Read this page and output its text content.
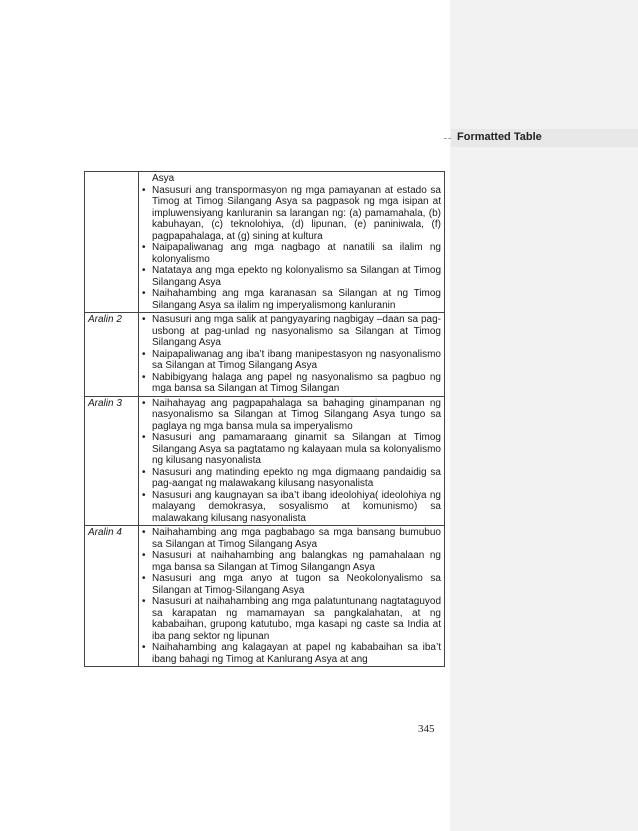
Formatted Table

	Asya
• Nasusuri ang transpormasyon ng mga pamayanan at estado sa Timog at Timog Silangang Asya sa pagpasok ng mga isipan at impluwensiyang kanluranin sa larangan ng: (a) pamamahala, (b) kabuhayan, (c) teknolohiya, (d) lipunan, (e) paniniwala, (f) pagpapahalaga, at (g) sining at kultura
• Naipapaliwanag ang mga nagbago at nanatili sa ilalim ng kolonyalismo
• Natataya ang mga epekto ng kolonyalismo sa Silangan at Timog Silangang Asya
• Naihahambing ang mga karanasan sa Silangan at ng Timog Silangang Asya sa ilalim ng imperyalismong kanluranin

Aralin 2	• Nasusuri ang mga salik at pangyayaring nagbigay –daan sa pag-usbong at pag-unlad ng nasyonalismo sa Silangan at Timog Silangang Asya
• Naipapaliwanag ang iba’t ibang manipestasyon ng nasyonalismo sa Silangan at Timog Silangang Asya
• Nabibigyang halaga ang papel ng nasyonalismo sa pagbuo ng mga bansa sa Silangan at Timog Silangan

Aralin 3	• Naihahayag ang pagpapahalaga sa bahaging ginampanan ng nasyonalismo sa Silangan at Timog Silangang Asya tungo sa paglaya ng mga bansa mula sa imperyalismo
• Nasusuri ang pamamaraang ginamit sa Silangan at Timog Silangang Asya sa pagtatamo ng kalayaan mula sa kolonyalismo ng kilusang nasyonalista
• Nasusuri ang matinding epekto ng mga digmaang pandaidig sa pag-aangat ng malawakang kilusang nasyonalista
• Nasusuri ang kaugnayan sa iba’t ibang ideolohiya( ideolohiya ng malayang demokrasya, sosyalismo at komunismo) sa malawakang kilusang nasyonalista

Aralin 4	• Naihahambing ang mga pagbabago sa mga bansang bumubuo sa Silangan at Timog Silangang Asya
• Nasusuri at naihahambing ang balangkas ng pamahalaan ng mga bansa sa Silangan at Timog Silangangn Asya
• Nasusuri ang mga anyo at tugon sa Neokolonyalismo sa Silangan at Timog-Silangang Asya
• Nasusuri at naihahambing ang mga palatuntunang nagtataguyod sa karapatan ng mamamayan sa pangkalahatan, at ng kababaihan, grupong katutubo, mga kasapi ng caste sa India at iba pang sektor ng lipunan
• Naihahambing ang kalagayan at papel ng kababaihan sa iba’t ibang bahagi ng Timog at Kanlurang Asya at ang
345
